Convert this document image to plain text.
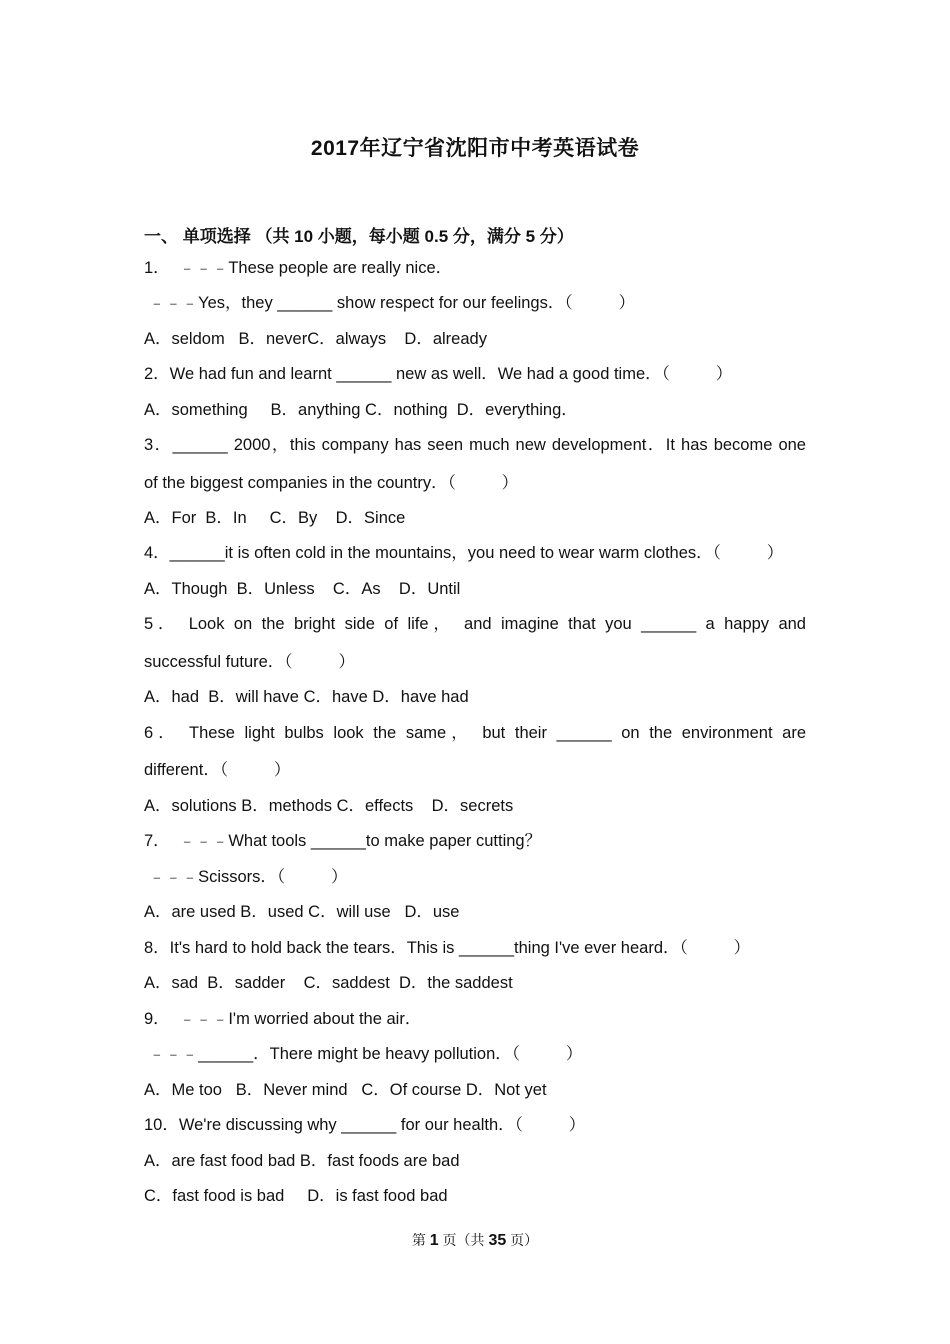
2017年辽宁省沈阳市中考英语试卷
一、 单项选择 （共 10 小题，每小题 0.5 分，满分 5 分）
1．  ﹣﹣﹣These people are really nice．
﹣﹣﹣Yes，they ______ show respect for our feelings．（          ）
A．seldom   B．neverC．always    D．already
2．We had fun and learnt ______ new as well．We had a good time．（          ）
A．something     B．anything C．nothing  D．everything．
3．______ 2000，this company has seen much new development．It has become one
of the biggest companies in the country．（          ）
A．For  B．In     C．By    D．Since
4．______it is often cold in the mountains，you need to wear warm clothes．（          ）
A．Though  B．Unless    C．As    D．Until
5． Look on the bright side of life， and imagine that you ______ a happy and
successful future．（          ）
A．had  B．will have C．have D．have had
6． These light bulbs look the same， but their ______ on the environment are
different．（          ）
A．solutions B．methods C．effects    D．secrets
7．  ﹣﹣﹣What tools ______to make paper cutting？
﹣﹣﹣Scissors．（          ）
A．are used B．used C．will use   D．use
8．It's hard to hold back the tears．This is ______thing I've ever heard．（          ）
A．sad  B．sadder    C．saddest  D．the saddest
9．  ﹣﹣﹣I'm worried about the air．
﹣﹣﹣______．There might be heavy pollution．（          ）
A．Me too   B．Never mind   C．Of course D．Not yet
10．We're discussing why ______ for our health．（          ）
A．are fast food bad B．fast foods are bad
C．fast food is bad     D．is fast food bad
第 1 页（共 35 页）
